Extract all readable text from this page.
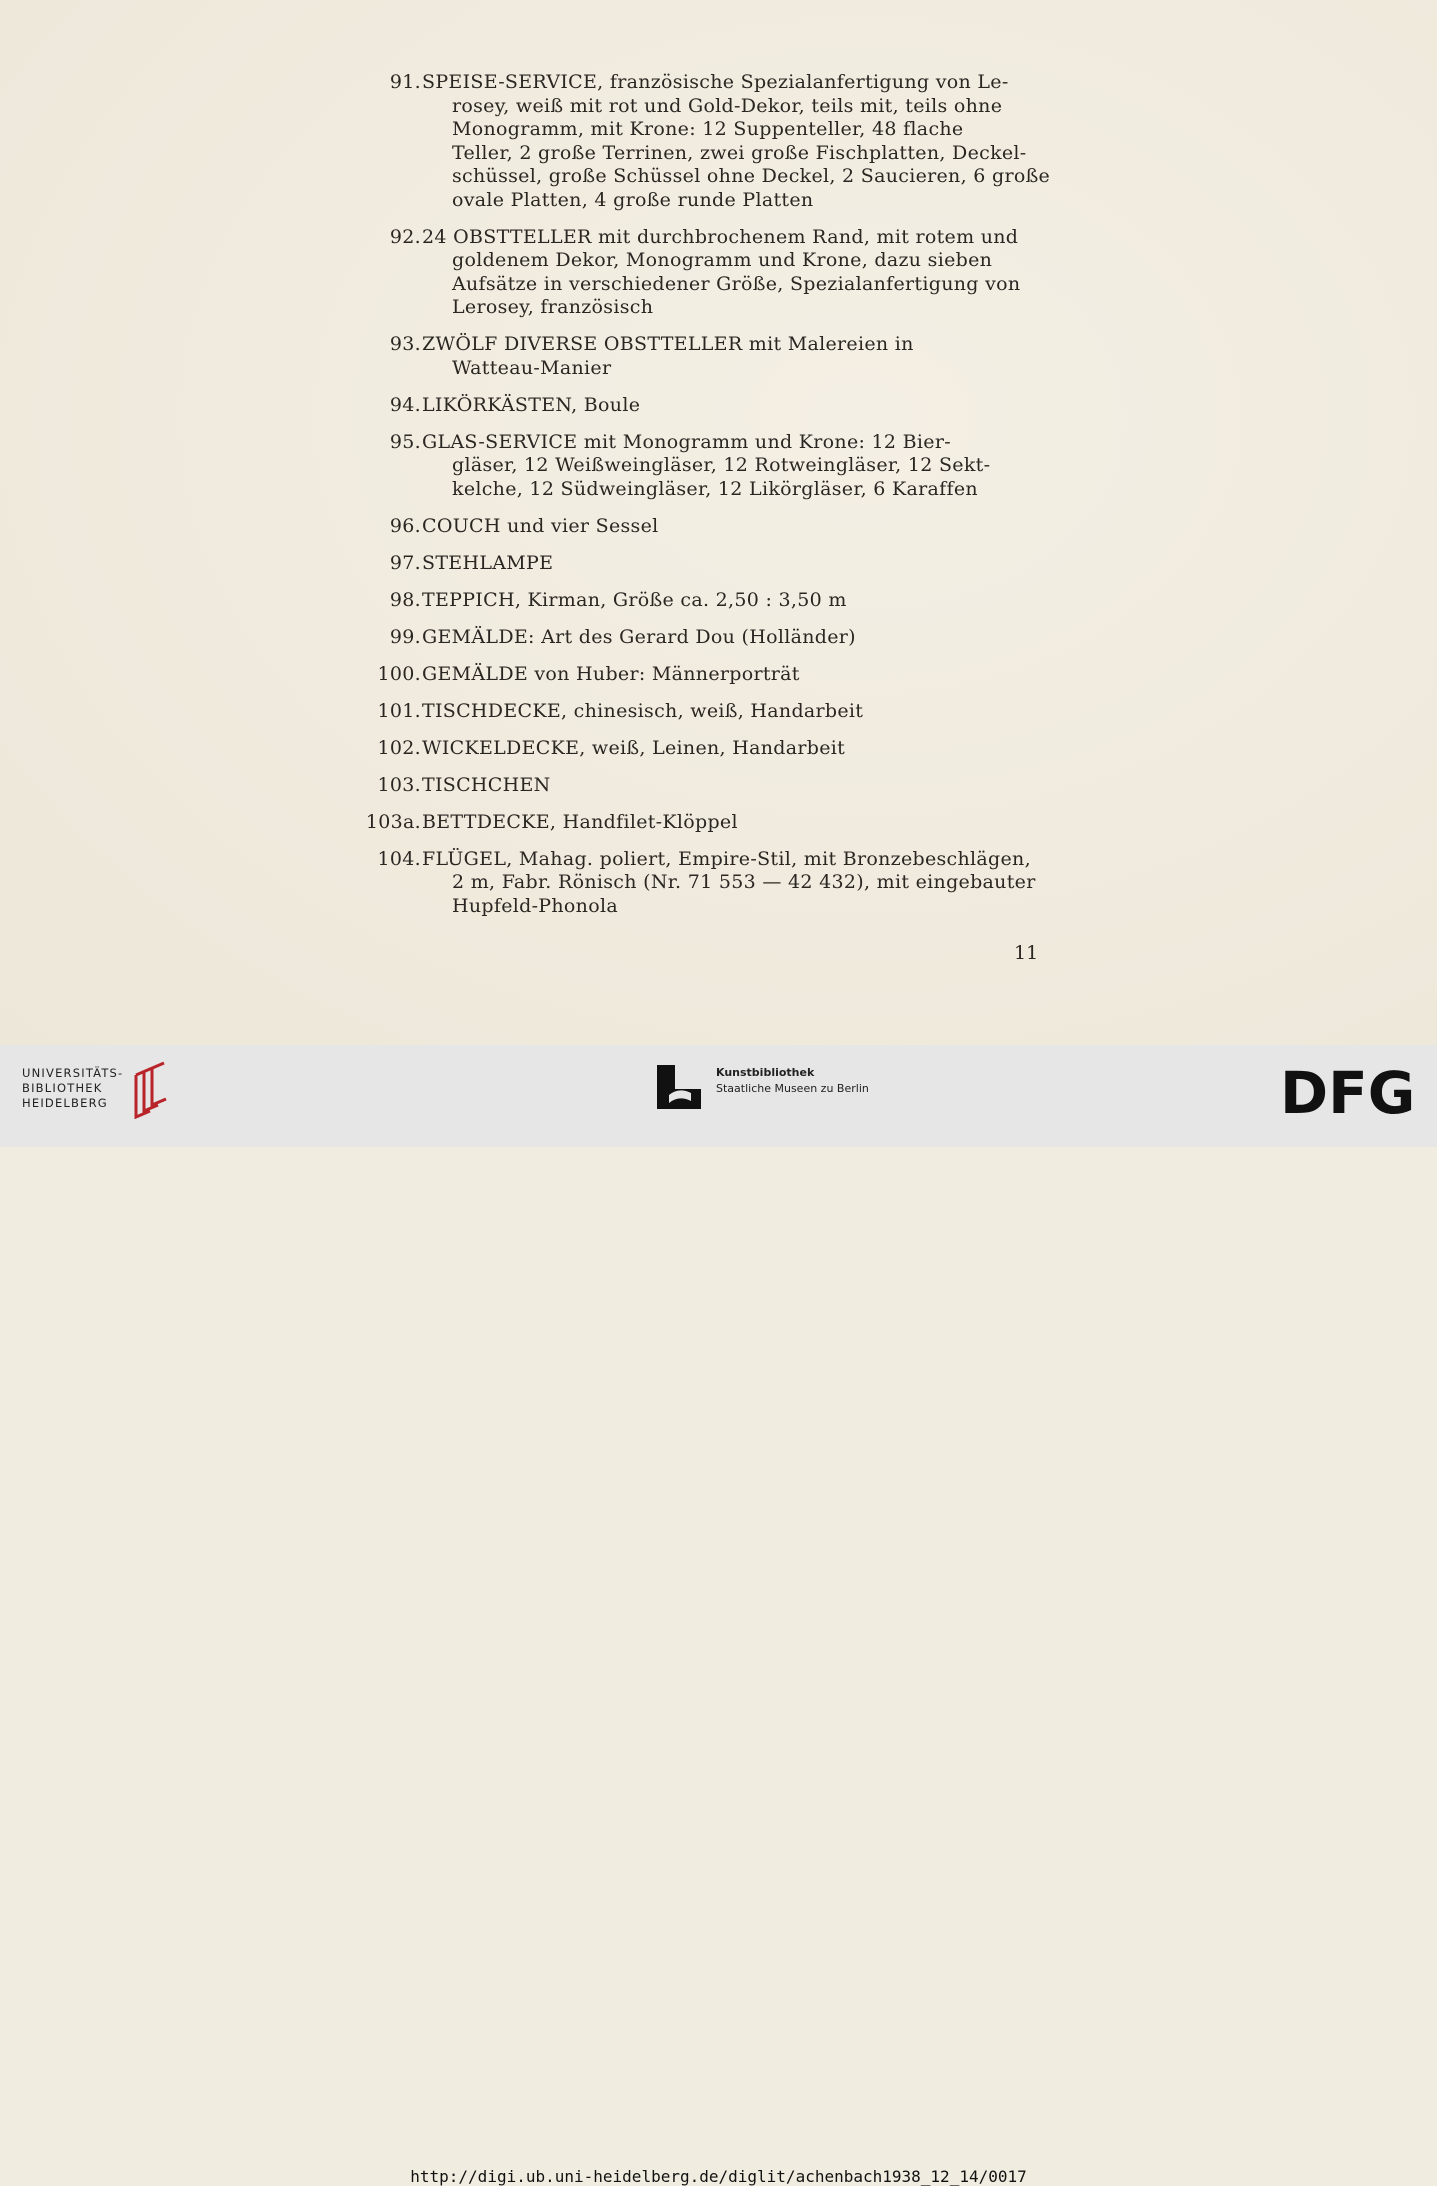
91. SPEISE-SERVICE, französische Spezialanfertigung von Le-
rosey, weiß mit rot und Gold-Dekor, teils mit, teils ohne
Monogramm, mit Krone: 12 Suppenteller, 48 flache
Teller, 2 große Terrinen, zwei große Fischplatten, Deckel-
schüssel, große Schüssel ohne Deckel, 2 Saucieren, 6 große
ovale Platten, 4 große runde Platten
92. 24 OBSTTELLER mit durchbrochenem Rand, mit rotem und
goldenem Dekor, Monogramm und Krone, dazu sieben
Aufsätze in verschiedener Größe, Spezialanfertigung von
Lerosey, französisch
93. ZWÖLF DIVERSE OBSTTELLER mit Malereien in
Watteau-Manier
94. LIKÖRKÄSTEN, Boule
95. GLAS-SERVICE mit Monogramm und Krone: 12 Bier-
gläser, 12 Weißweingläser, 12 Rotweingläser, 12 Sekt-
kelche, 12 Südweingläser, 12 Likörgläser, 6 Karaffen
96. COUCH und vier Sessel
97. STEHLAMPE
98. TEPPICH, Kirman, Größe ca. 2,50 : 3,50 m
99. GEMÄLDE: Art des Gerard Dou (Holländer)
100. GEMÄLDE von Huber: Männerporträt
101. TISCHDECKE, chinesisch, weiß, Handarbeit
102. WICKELDECKE, weiß, Leinen, Handarbeit
103. TISCHCHEN
103a. BETTDECKE, Handfilet-Klöppel
104. FLÜGEL, Mahag. poliert, Empire-Stil, mit Bronzebeschlägen,
2 m, Fabr. Rönisch (Nr. 71 553 — 42 432), mit eingebauter
Hupfeld-Phonola
11
UNIVERSITÄTS-
BIBLIOTHEK
HEIDELBERG
Kunstbibliothek
Staatliche Museen zu Berlin	DFG
http://digi.ub.uni-heidelberg.de/diglit/achenbach1938_12_14/0017
